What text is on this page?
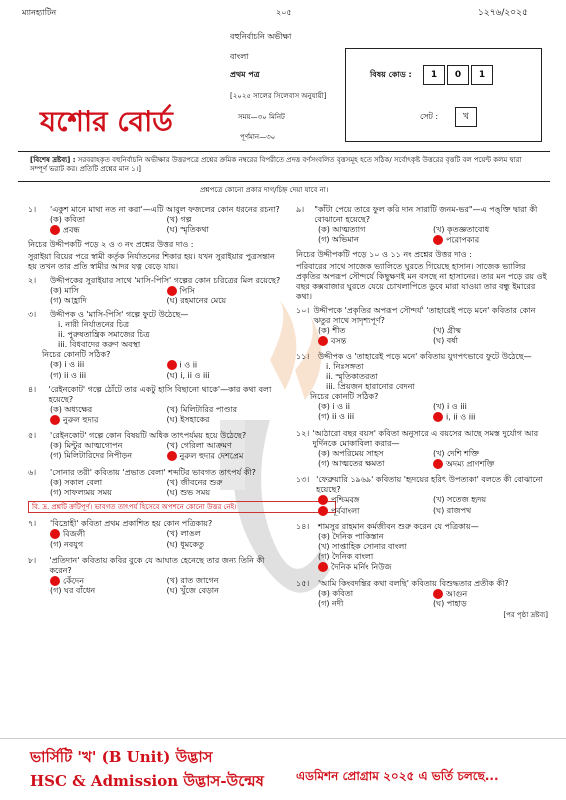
ম্যানহ্যাটিন	২০৫	১২৭৬/২০২৫
বহুনির্বাচনি অভীক্ষা
বাংলা
প্রথম পত্র
[২০২৫ সালের সিলেবাস অনুযায়ী]
সময়—৩০ মিনিট
পূর্ণমান—৩০
যশোর বোর্ড
বিষয় কোড :	1	0	1
সেট :	খ
[বিশেষ দ্রষ্টব্য] : সরবরাহকৃত বহুনির্বাচনি অভীক্ষার উত্তরপত্রে প্রশ্নের ক্রমিক নম্বরের বিপরীতে প্রদত্ত বর্ণসংবলিত বৃত্তসমূহ হতে সঠিক/ সর্বোৎকৃষ্ট উত্তরের বৃত্তটি বল পয়েন্ট কলম দ্বারা সম্পূর্ণ ভরাট কর। প্রতিটি প্রশ্নের মান ১।]
প্রশ্নপত্রে কোনো প্রকার দাগ/চিহ্ন দেয়া যাবে না।
১।	'একুশ মানে মাথা নত না করা'—এটি আবুল ফজলের কোন ধরনের রচনা?
(ক) কবিতা	(খ) গল্প
প্রবন্ধ	(ঘ) স্মৃতিকথা
নিচের উদ্দীপকটি পড়ে ২ ও ৩ নং প্রশ্নের উত্তর দাও :
সুরাইয়া বিয়ের পরে স্বামী কর্তৃক নির্যাতনের শিকার হয়। যখন সুরাইয়ার পুত্রসন্তান হয় তখন তার প্রতি স্বামীর আদর যত্ন বেড়ে যায়।
২।	উদ্দীপকের সুরাইয়ার সাথে 'মাসি-পিসি' গল্পের কোন চরিত্রের মিল রয়েছে?
(ক) মাসি	পিসি
(গ) আহ্লাদি	(ঘ) রহমানের মেয়ে
৩।	উদ্দীপক ও 'মাসি-পিসি' গল্পে ফুটে উঠেছে—
i. নারী নির্যাতনের চিত্র
ii. পুরুষতান্ত্রিক সমাজের চিত্র
iii. বিধবাদের করুণ অবস্থা
নিচের কোনটি সঠিক?
(ক) i ও iii	i ও ii
(গ) ii ও iii	(ঘ) i, ii ও iii
৪।	'রেইনকোট' গল্পে ঠোঁটে তার একটু হাসি বিছানো থাকে'—কার কথা বলা হয়েছে?
(ক) অধ্যক্ষের	(খ) মিলিটারির পাণ্ডার
নুরুল হুদার	(ঘ) ইসহাকের
৫।	'রেইনকোট' গল্পে কোন বিষয়টি অধিক তাৎপর্যময় হয়ে উঠেছে?
(ক) মিন্টুর আত্মগোপন	(খ) গেরিলা আক্রমণ
(গ) মিলিটারিদের নিপীড়ন	নুরুল হুদার দেশপ্রেম
৬।	'সোনার তরী' কবিতায় 'প্রভাত বেলা' শব্দটির ভাবগত তাৎপর্য কী?
(ক) সকাল বেলা	(খ) জীবনের শুরু
(গ) সাফল্যময় সময়	(ঘ) শুভ সময়
বি. দ্র. প্রশ্নটি ক্রটিপূর্ণ। ভাবগত তাৎপর্য হিসেবে অপশনে কোনো উত্তর নেই।
৭।	'বিদ্রোহী' কবিতা প্রথম প্রকাশিত হয় কোন পত্রিকায়?
বিজলী	(খ) লাঙল
(গ) নবযুগ	(ঘ) ধূমকেতু
৮।	'প্রতিদান' কবিতায় কবির বুকে যে আঘাত হেনেছে তার জন্য তিনি কী করেন?
কেঁদেন	(খ) রাত জাগেন
(গ) ঘর বাঁধেন	(ঘ) খুঁজে বেড়ান
৯।	"কাঁটা পেয়ে তারে ফুল করি দান সারাটি জনম-ভর"—এ পঙ্‌ক্তি দ্বারা কী বোঝানো হয়েছে?
(ক) আত্মত্যাগ	(খ) কৃতজ্ঞতাবোধ
(গ) অভিমান	পরোপকার
নিচের উদ্দীপকটি পড়ে ১০ ও ১১ নং প্রশ্নের উত্তর দাও :
পরিবারের সাথে সাজেক ভ্যালিতে ঘুরতে গিয়েছে হাসান। সাজেক ভ্যালির প্রকৃতির অপরূপ সৌন্দর্যে কিছুক্ষণই মন বসছে না হাসানের। তার মন পড়ে রয় ওই বছর কক্সবাজার ঘুরতে যেয়ে চোখলাপিতে ডুবে মারা যাওয়া তার বন্ধু ইমারের কথা।
১০। উদ্দীপকে 'প্রকৃতির অপরূপ সৌন্দর্য' 'তাহারেই পড়ে মনে' কবিতার কোন ঋতুর সাথে সাদৃশ্যপূর্ণ?
(ক) শীত	(খ) গ্রীষ্ম
বসন্ত	(ঘ) বর্ষা
১১।	উদ্দীপক ও 'তাহারেই পড়ে মনে' কবিতায় যুগপৎভাবে ফুটে উঠেছে—
i. নিঃসঙ্গতা
ii. স্মৃতিকাতরতা
iii. প্রিয়জন হারানোর বেদনা
নিচের কোনটি সঠিক?
(ক) i ও ii	(খ) i ও iii
(গ) ii ও iii	i, ii ও iii
১২। 'আঠারো বছর বয়স' কবিতা অনুসারে এ বয়সের আছে সমস্ত দুর্যোগ আর দুর্দিনকে মোকাবিলা করার—
(ক) অপরিমেয় সাহস	(খ) দেশি শক্তি
(গ) আত্মতের ক্ষমতা	অদম্য প্রাণশক্তি
১৩। 'ফেব্রুয়ারি ১৯৬৯' কবিতায় 'হৃদয়ের হরিৎ উপত্যকা' বলতে কী বোঝানো হয়েছে?
পশ্চিমবঙ্গ	(খ) সতেজ হৃদয়
পূর্ববাংলা	(ঘ) রাজপথ
১৪।	শামসুর রাহমান কর্মজীবন শুরু করেন যে পত্রিকায়—
(ক) দৈনিক পাকিস্তান
(খ) সাপ্তাহিক সোনার বাংলা
(গ) দৈনিক বাংলা
দৈনিক মর্নিং নিউজ
১৫।	'আমি কিংবদন্তির কথা বলছি' কবিতায় বিশুদ্ধতার প্রতীক কী?
(ক) কবিতা	আগুন
(গ) নদী	(ঘ) পাহাড়
[পর পৃষ্ঠা দ্রষ্টব্য]
ভার্সিটি 'খ' (B Unit) উদ্ভাস
HSC & Admission উদ্ভাস-উন্মেষ	এডমিশন প্রোগ্রাম ২০২৫ এ ভর্তি চলছে...
